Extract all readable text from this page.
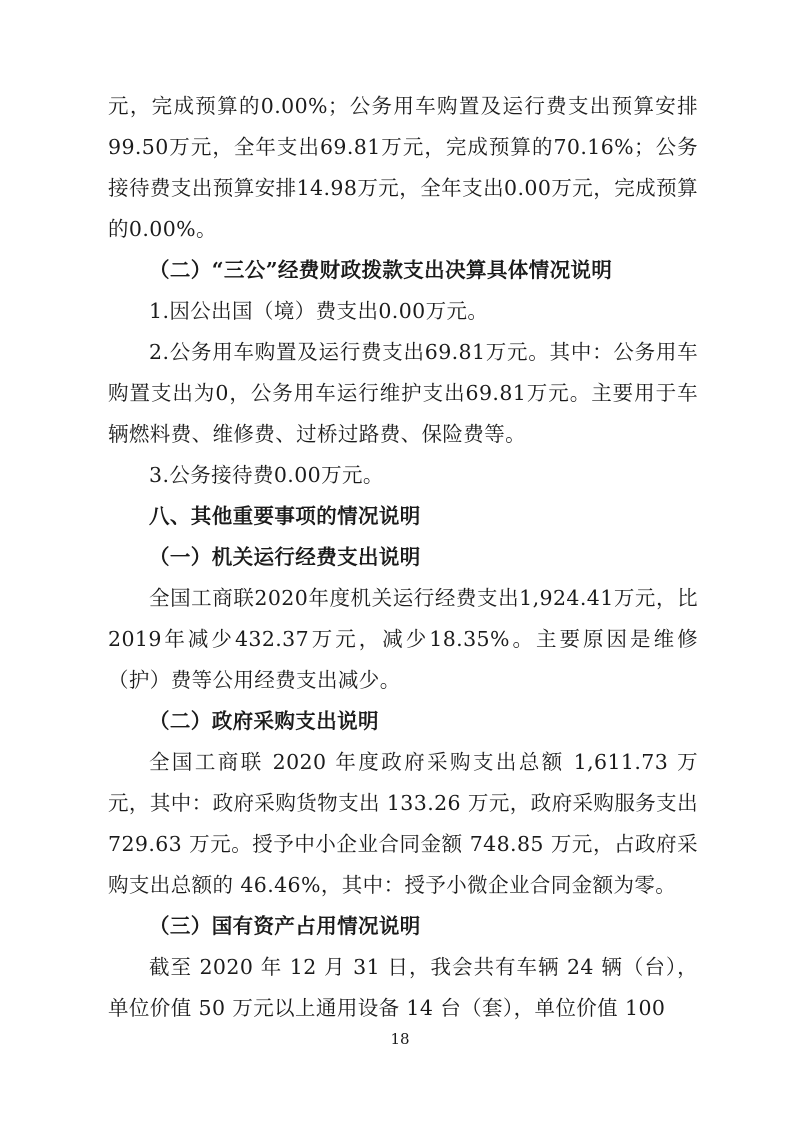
元，完成预算的0.00%；公务用车购置及运行费支出预算安排99.50万元，全年支出69.81万元，完成预算的70.16%；公务接待费支出预算安排14.98万元，全年支出0.00万元，完成预算的0.00%。

（二）“三公”经费财政拨款支出决算具体情况说明

1.因公出国（境）费支出0.00万元。

2.公务用车购置及运行费支出69.81万元。其中：公务用车购置支出为0，公务用车运行维护支出69.81万元。主要用于车辆燃料费、维修费、过桥过路费、保险费等。

3.公务接待费0.00万元。

八、其他重要事项的情况说明

（一）机关运行经费支出说明

全国工商联2020年度机关运行经费支出1,924.41万元，比2019年减少432.37万元，减少18.35%。主要原因是维修（护）费等公用经费支出减少。

（二）政府采购支出说明

全国工商联 2020 年度政府采购支出总额 1,611.73 万元，其中：政府采购货物支出 133.26 万元，政府采购服务支出 729.63 万元。授予中小企业合同金额 748.85 万元，占政府采购支出总额的 46.46%，其中：授予小微企业合同金额为零。

（三）国有资产占用情况说明

截至 2020 年 12 月 31 日，我会共有车辆 24 辆（台），单位价值 50 万元以上通用设备 14 台（套），单位价值 100

18
